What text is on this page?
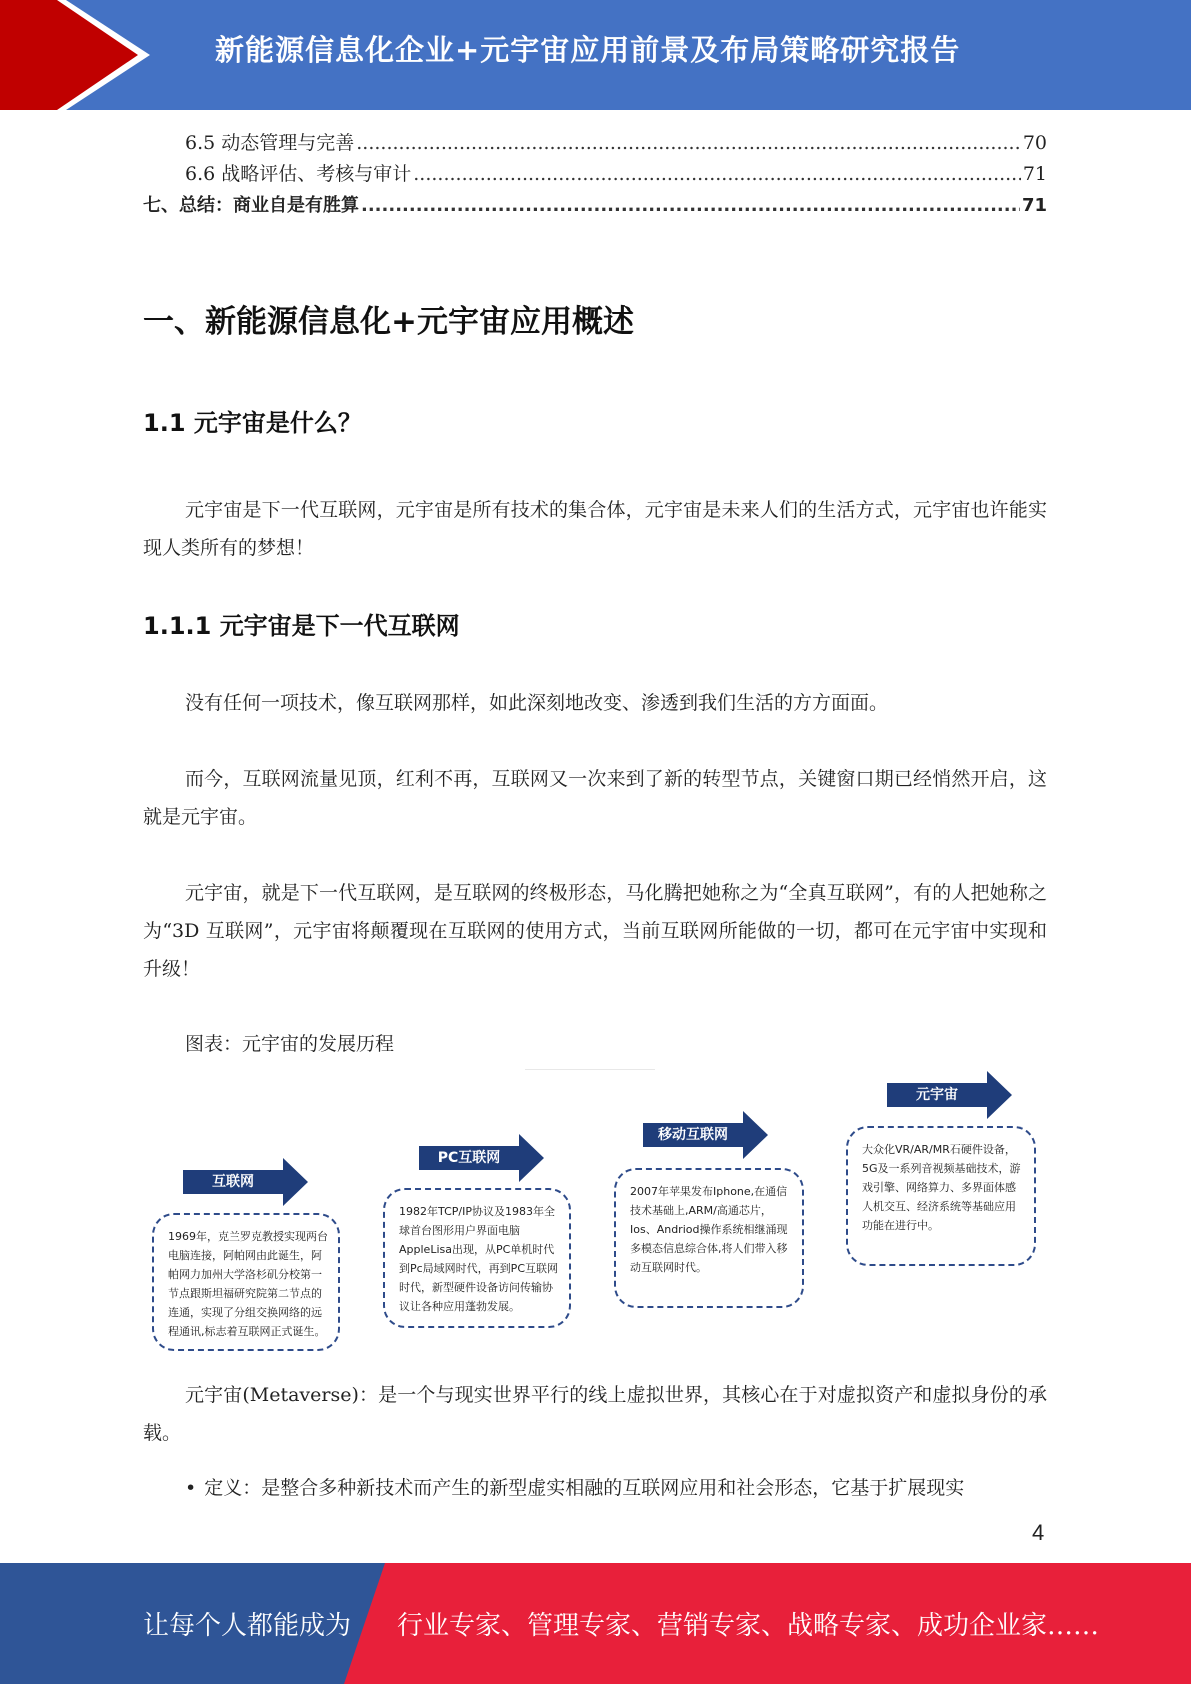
新能源信息化企业+元宇宙应用前景及布局策略研究报告
6.5 动态管理与完善 .....	70
6.6 战略评估、考核与审计 .....	71
七、总结：商业自是有胜算 .....	71
一、新能源信息化+元宇宙应用概述
1.1 元宇宙是什么？
元宇宙是下一代互联网，元宇宙是所有技术的集合体，元宇宙是未来人们的生活方式，元宇宙也许能实现人类所有的梦想！
1.1.1 元宇宙是下一代互联网
没有任何一项技术，像互联网那样，如此深刻地改变、渗透到我们生活的方方面面。
而今，互联网流量见顶，红利不再，互联网又一次来到了新的转型节点，关键窗口期已经悄然开启，这就是元宇宙。
元宇宙，就是下一代互联网，是互联网的终极形态，马化腾把她称之为“全真互联网”，有的人把她称之为“3D 互联网”，元宇宙将颠覆现在互联网的使用方式，当前互联网所能做的一切，都可在元宇宙中实现和升级！
图表：元宇宙的发展历程
互联网
1969年，克兰罗克教授实现两台电脑连接，阿帕网由此诞生，阿帕网力加州大学洛杉矶分校第一节点跟斯坦福研究院第二节点的连通，实现了分组交换网络的远程通讯,标志着互联网正式诞生。
PC互联网
1982年TCP/IP协议及1983年全球首台图形用户界面电脑AppleLisa出现，从PC单机时代到Pc局域网时代，再到PC互联网时代，新型硬件设备访问传输协议让各种应用蓬勃发展。
移动互联网
2007年苹果发布Iphone,在通信技术基础上,ARM/高通芯片，Ios、Andriod操作系统相继涌现多模态信息综合体,将人们带入移动互联网时代。
元宇宙
大众化VR/AR/MR石硬件设备，5G及一系列音视频基础技术，游戏引擎、网络算力、多界面体感人机交互、经济系统等基础应用功能在进行中。
元宇宙(Metaverse)：是一个与现实世界平行的线上虚拟世界，其核心在于对虚拟资产和虚拟身份的承载。
• 定义：是整合多种新技术而产生的新型虚实相融的互联网应用和社会形态，它基于扩展现实
4
让每个人都能成为 行业专家、管理专家、营销专家、战略专家、成功企业家……
